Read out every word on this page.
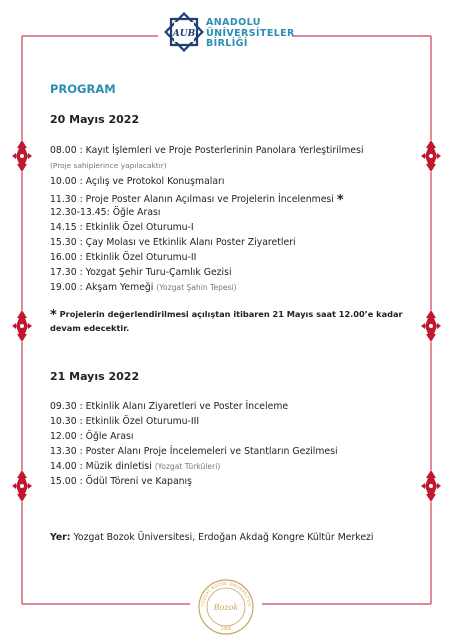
AUB
ANADOLU
ÜNİVERSİTELER
BİRLİĞİ
PROGRAM
20 Mayıs 2022
08.00 : Kayıt İşlemleri ve Proje Posterlerinin Panolara Yerleştirilmesi
(Proje sahiplerince yapılacaktır)
10.00 : Açılış ve Protokol Konuşmaları
11.30 : Proje Poster Alanın Açılması ve Projelerin İncelenmesi *
12.30-13.45: Öğle Arası
14.15 : Etkinlik Özel Oturumu-I
15.30 : Çay Molası ve Etkinlik Alanı Poster Ziyaretleri
16.00 : Etkinlik Özel Oturumu-II
17.30 : Yozgat Şehir Turu-Çamlık Gezisi
19.00 : Akşam Yemeği (Yozgat Şahin Tepesi)
* Projelerin değerlendirilmesi açılıştan itibaren 21 Mayıs saat 12.00’e kadar devam edecektir.
21 Mayıs 2022
09.30 : Etkinlik Alanı Ziyaretleri ve Poster İnceleme
10.30 : Etkinlik Özel Oturumu-III
12.00 : Öğle Arası
13.30 : Poster Alanı Proje İncelemeleri ve Stantların Gezilmesi
14.00 : Müzik dinletisi (Yozgat Türküleri)
15.00 : Ödül Töreni ve Kapanış
Yer: Yozgat Bozok Üniversitesi, Erdoğan Akdağ Kongre Kültür Merkezi
YOZGAT BOZOK ÜNİVERSİTESİ
Bozok
2006
